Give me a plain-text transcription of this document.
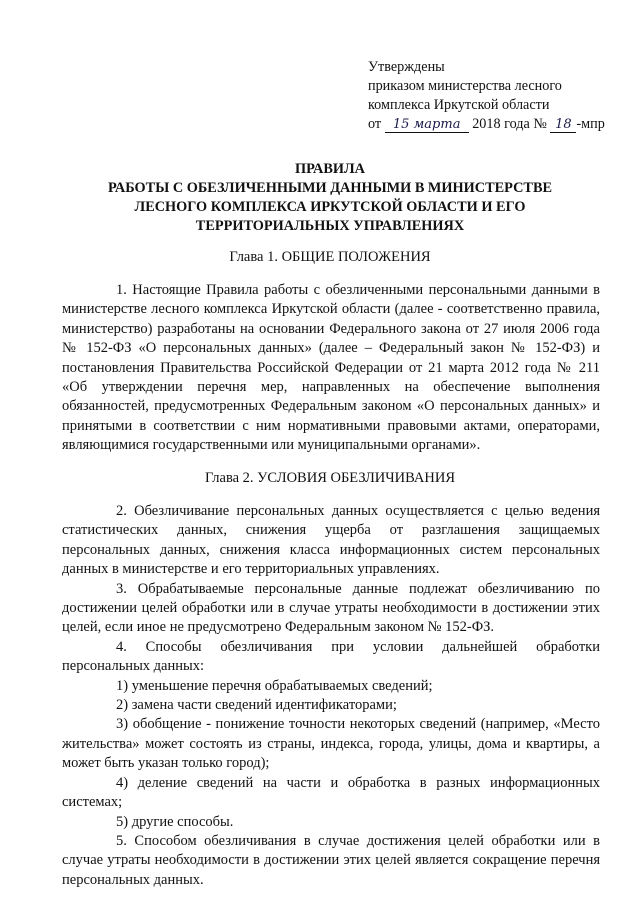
Утверждены
приказом министерства лесного
комплекса Иркутской области
от 15 марта 2018 года № 18 -мпр
ПРАВИЛА
РАБОТЫ С ОБЕЗЛИЧЕННЫМИ ДАННЫМИ В МИНИСТЕРСТВЕ
ЛЕСНОГО КОМПЛЕКСА ИРКУТСКОЙ ОБЛАСТИ И ЕГО
ТЕРРИТОРИАЛЬНЫХ УПРАВЛЕНИЯХ
Глава 1. ОБЩИЕ ПОЛОЖЕНИЯ

1. Настоящие Правила работы с обезличенными персональными данными в министерстве лесного комплекса Иркутской области (далее - соответственно правила, министерство) разработаны на основании Федерального закона от 27 июля 2006 года № 152-ФЗ «О персональных данных» (далее – Федеральный закон № 152-ФЗ) и постановления Правительства Российской Федерации от 21 марта 2012 года № 211 «Об утверждении перечня мер, направленных на обеспечение выполнения обязанностей, предусмотренных Федеральным законом «О персональных данных» и принятыми в соответствии с ним нормативными правовыми актами, операторами, являющимися государственными или муниципальными органами».

Глава 2. УСЛОВИЯ ОБЕЗЛИЧИВАНИЯ

2. Обезличивание персональных данных осуществляется с целью ведения статистических данных, снижения ущерба от разглашения защищаемых персональных данных, снижения класса информационных систем персональных данных в министерстве и его территориальных управлениях.

3. Обрабатываемые персональные данные подлежат обезличиванию по достижении целей обработки или в случае утраты необходимости в достижении этих целей, если иное не предусмотрено Федеральным законом № 152-ФЗ.

4. Способы обезличивания при условии дальнейшей обработки персональных данных:

1) уменьшение перечня обрабатываемых сведений;

2) замена части сведений идентификаторами;

3) обобщение - понижение точности некоторых сведений (например, «Место жительства» может состоять из страны, индекса, города, улицы, дома и квартиры, а может быть указан только город);

4) деление сведений на части и обработка в разных информационных системах;

5) другие способы.

5. Способом обезличивания в случае достижения целей обработки или в случае утраты необходимости в достижении этих целей является сокращение перечня персональных данных.
